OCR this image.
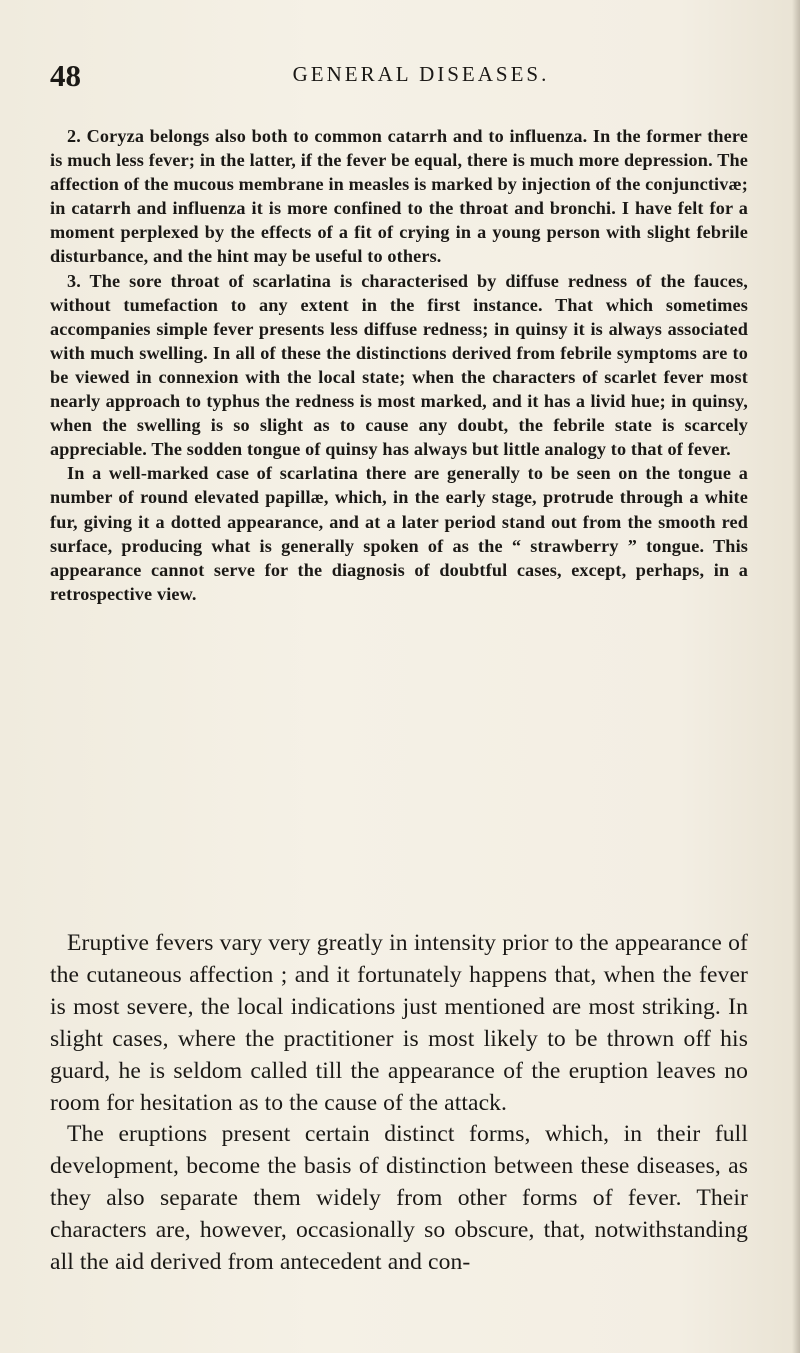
48	GENERAL DISEASES.

2. Coryza belongs also both to common catarrh and to influenza. In the former there is much less fever; in the latter, if the fever be equal, there is much more depression. The affection of the mucous membrane in measles is marked by injection of the conjunctivæ; in catarrh and influenza it is more confined to the throat and bronchi. I have felt for a moment perplexed by the effects of a fit of crying in a young person with slight febrile disturbance, and the hint may be useful to others.

3. The sore throat of scarlatina is characterised by diffuse redness of the fauces, without tumefaction to any extent in the first instance. That which sometimes accompanies simple fever presents less diffuse redness; in quinsy it is always associated with much swelling. In all of these the distinctions derived from febrile symptoms are to be viewed in connexion with the local state; when the characters of scarlet fever most nearly approach to typhus the redness is most marked, and it has a livid hue; in quinsy, when the swelling is so slight as to cause any doubt, the febrile state is scarcely appreciable. The sodden tongue of quinsy has always but little analogy to that of fever.

In a well-marked case of scarlatina there are generally to be seen on the tongue a number of round elevated papillæ, which, in the early stage, protrude through a white fur, giving it a dotted appearance, and at a later period stand out from the smooth red surface, producing what is generally spoken of as the “ strawberry ” tongue. This appearance cannot serve for the diagnosis of doubtful cases, except, perhaps, in a retrospective view.

Eruptive fevers vary very greatly in intensity prior to the appearance of the cutaneous affection ; and it fortunately happens that, when the fever is most severe, the local indications just mentioned are most striking. In slight cases, where the practitioner is most likely to be thrown off his guard, he is seldom called till the appearance of the eruption leaves no room for hesitation as to the cause of the attack.

The eruptions present certain distinct forms, which, in their full development, become the basis of distinction between these diseases, as they also separate them widely from other forms of fever. Their characters are, however, occasionally so obscure, that, notwithstanding all the aid derived from antecedent and con-
